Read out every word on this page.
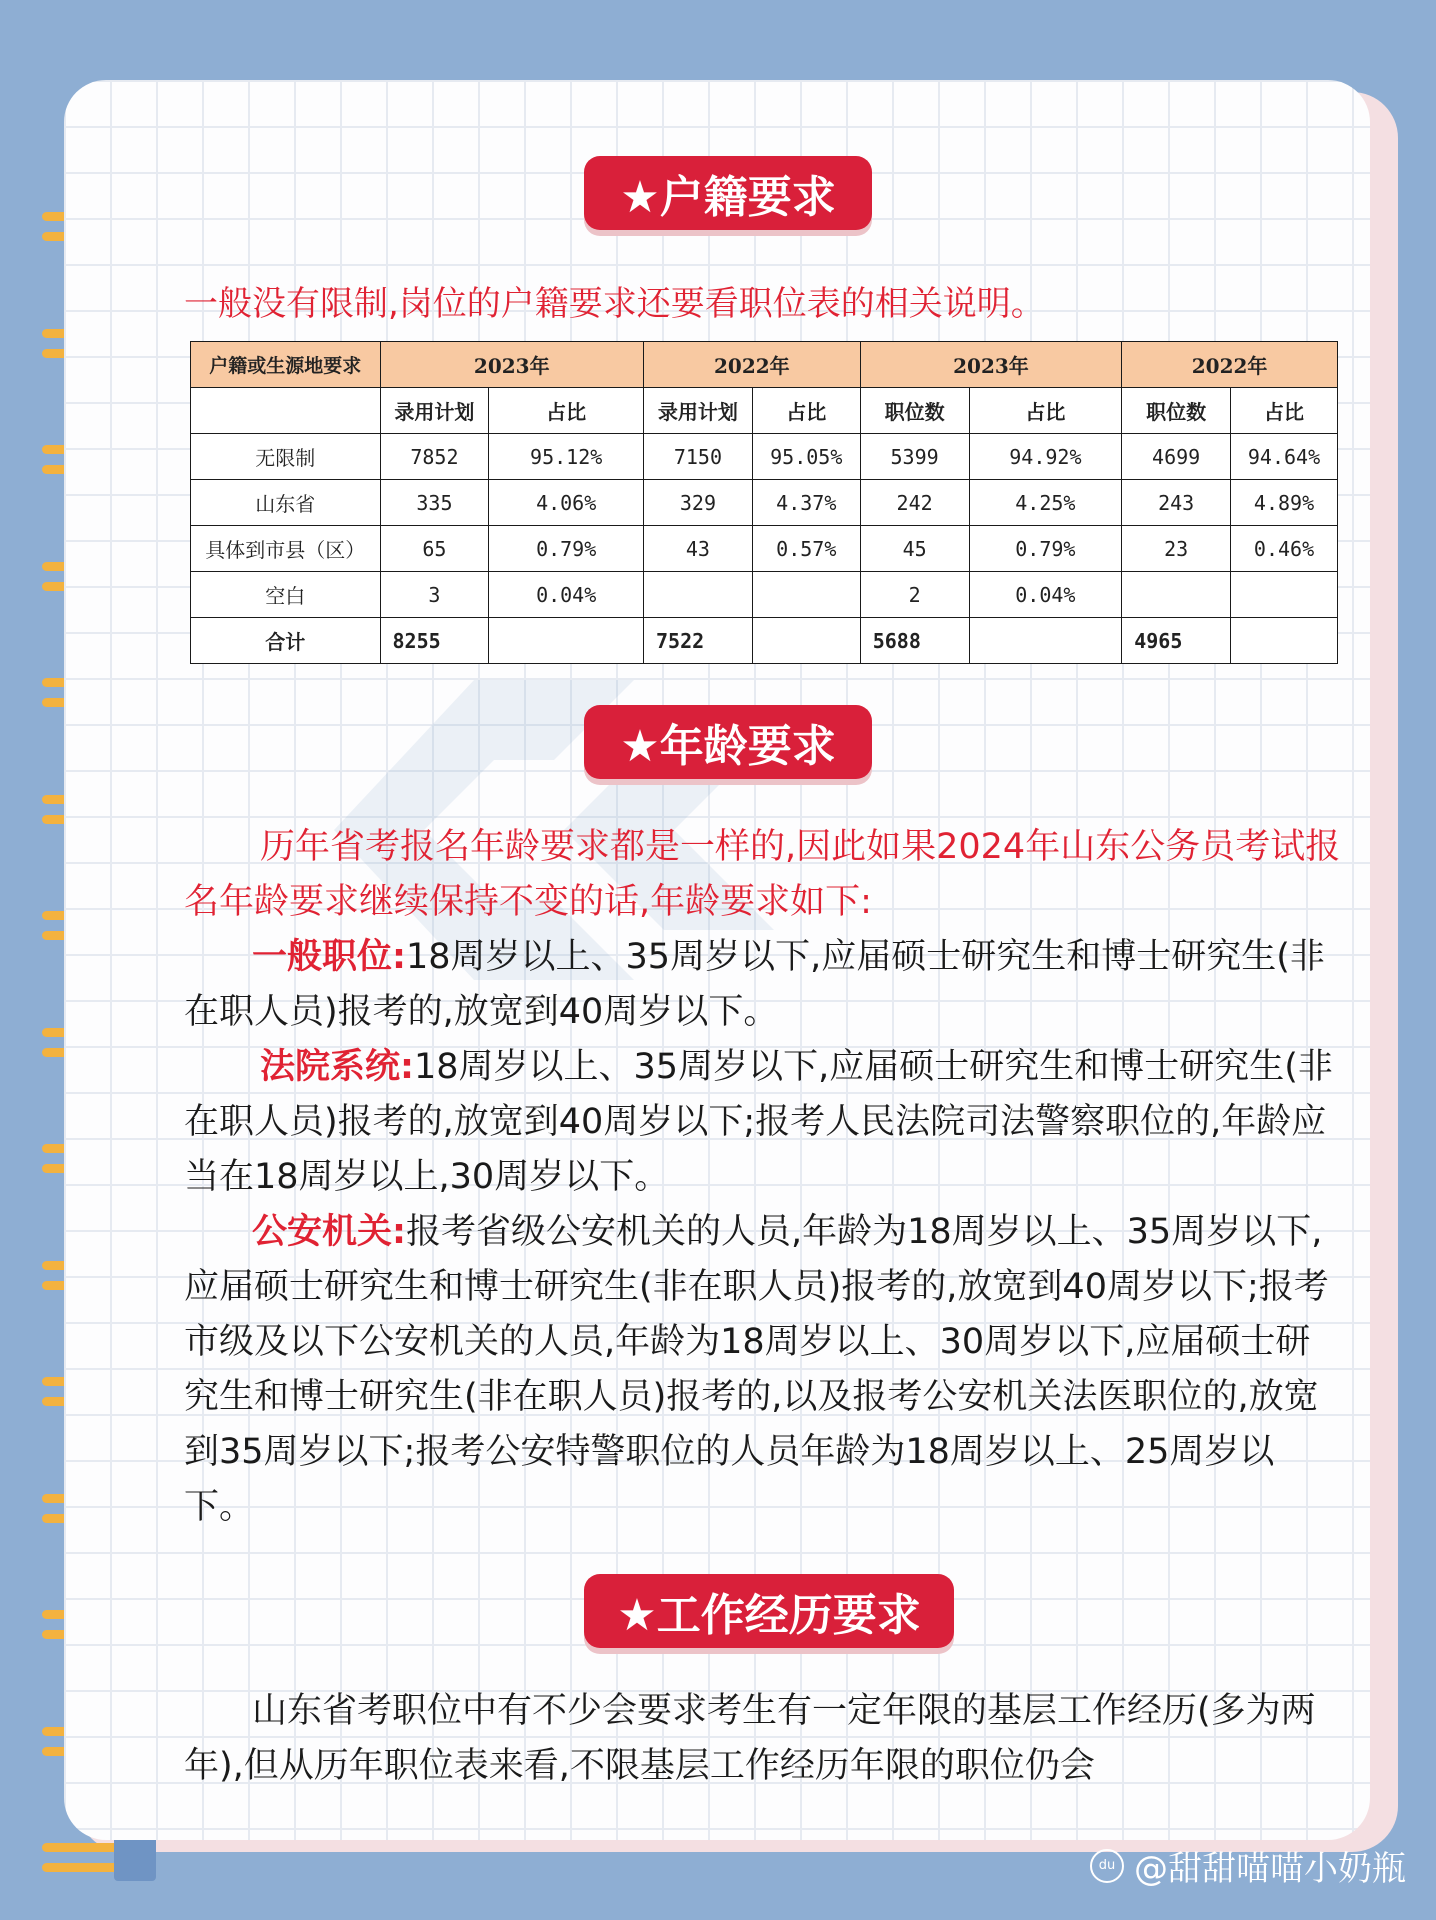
★户籍要求
一般没有限制,岗位的户籍要求还要看职位表的相关说明。
户籍或生源地要求	2023年		2022年		2023年		2022年	
	录用计划	占比	录用计划	占比	职位数	占比	职位数	占比
无限制	7852	95.12%	7150	95.05%	5399	94.92%	4699	94.64%
山东省	335	4.06%	329	4.37%	242	4.25%	243	4.89%
具体到市县（区）	65	0.79%	43	0.57%	45	0.79%	23	0.46%
空白	3	0.04%			2	0.04%		
合计	8255		7522		5688		4965	
★年龄要求

历年省考报名年龄要求都是一样的,因此如果2024年山东公务员考试报名年龄要求继续保持不变的话,年龄要求如下:

一般职位:18周岁以上、35周岁以下,应届硕士研究生和博士研究生(非在职人员)报考的,放宽到40周岁以下。

法院系统:18周岁以上、35周岁以下,应届硕士研究生和博士研究生(非在职人员)报考的,放宽到40周岁以下;报考人民法院司法警察职位的,年龄应当在18周岁以上,30周岁以下。

公安机关:报考省级公安机关的人员,年龄为18周岁以上、35周岁以下,应届硕士研究生和博士研究生(非在职人员)报考的,放宽到40周岁以下;报考市级及以下公安机关的人员,年龄为18周岁以上、30周岁以下,应届硕士研究生和博士研究生(非在职人员)报考的,以及报考公安机关法医职位的,放宽到35周岁以下;报考公安特警职位的人员年龄为18周岁以上、25周岁以下。

★工作经历要求

山东省考职位中有不少会要求考生有一定年限的基层工作经历(多为两年),但从历年职位表来看,不限基层工作经历年限的职位仍会

du @甜甜喵喵小奶瓶
